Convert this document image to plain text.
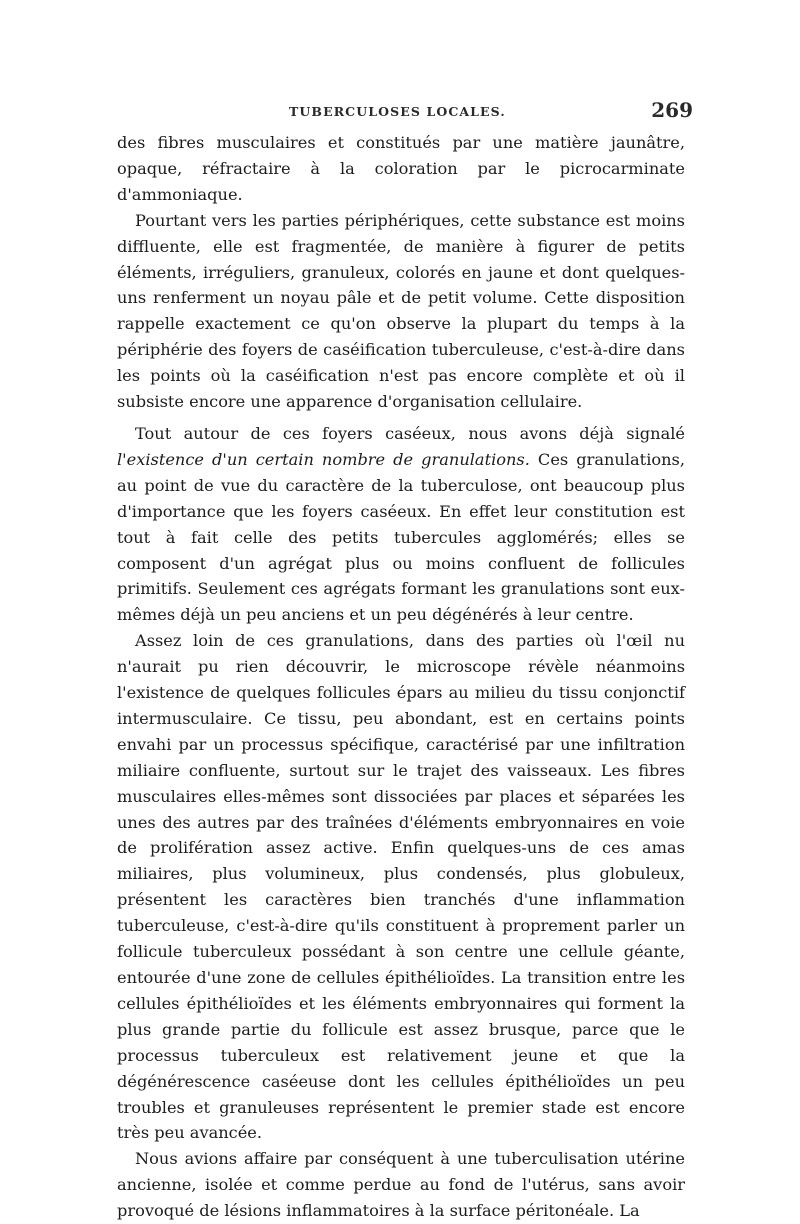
TUBERCULOSES LOCALES.	269

des fibres musculaires et constitués par une matière jaunâtre, opaque, réfractaire à la coloration par le picrocarminate d'ammoniaque.

Pourtant vers les parties périphériques, cette substance est moins diffluente, elle est fragmentée, de manière à figurer de petits éléments, irréguliers, granuleux, colorés en jaune et dont quelques-uns renferment un noyau pâle et de petit volume. Cette disposition rappelle exactement ce qu'on observe la plupart du temps à la périphérie des foyers de caséification tuberculeuse, c'est-à-dire dans les points où la caséification n'est pas encore complète et où il subsiste encore une apparence d'organisation cellulaire.

Tout autour de ces foyers caséeux, nous avons déjà signalé l'existence d'un certain nombre de granulations. Ces granulations, au point de vue du caractère de la tuberculose, ont beaucoup plus d'importance que les foyers caséeux. En effet leur constitution est tout à fait celle des petits tubercules agglomérés; elles se composent d'un agrégat plus ou moins confluent de follicules primitifs. Seulement ces agrégats formant les granulations sont eux-mêmes déjà un peu anciens et un peu dégénérés à leur centre.

Assez loin de ces granulations, dans des parties où l'œil nu n'aurait pu rien découvrir, le microscope révèle néanmoins l'existence de quelques follicules épars au milieu du tissu conjonctif intermusculaire. Ce tissu, peu abondant, est en certains points envahi par un processus spécifique, caractérisé par une infiltration miliaire confluente, surtout sur le trajet des vaisseaux. Les fibres musculaires elles-mêmes sont dissociées par places et séparées les unes des autres par des traînées d'éléments embryonnaires en voie de prolifération assez active. Enfin quelques-uns de ces amas miliaires, plus volumineux, plus condensés, plus globuleux, présentent les caractères bien tranchés d'une inflammation tuberculeuse, c'est-à-dire qu'ils constituent à proprement parler un follicule tuberculeux possédant à son centre une cellule géante, entourée d'une zone de cellules épithélioïdes. La transition entre les cellules épithélioïdes et les éléments embryonnaires qui forment la plus grande partie du follicule est assez brusque, parce que le processus tuberculeux est relativement jeune et que la dégénérescence caséeuse dont les cellules épithélioïdes un peu troubles et granuleuses représentent le premier stade est encore très peu avancée.

Nous avions affaire par conséquent à une tuberculisation utérine ancienne, isolée et comme perdue au fond de l'utérus, sans avoir provoqué de lésions inflammatoires à la surface péritonéale. La
